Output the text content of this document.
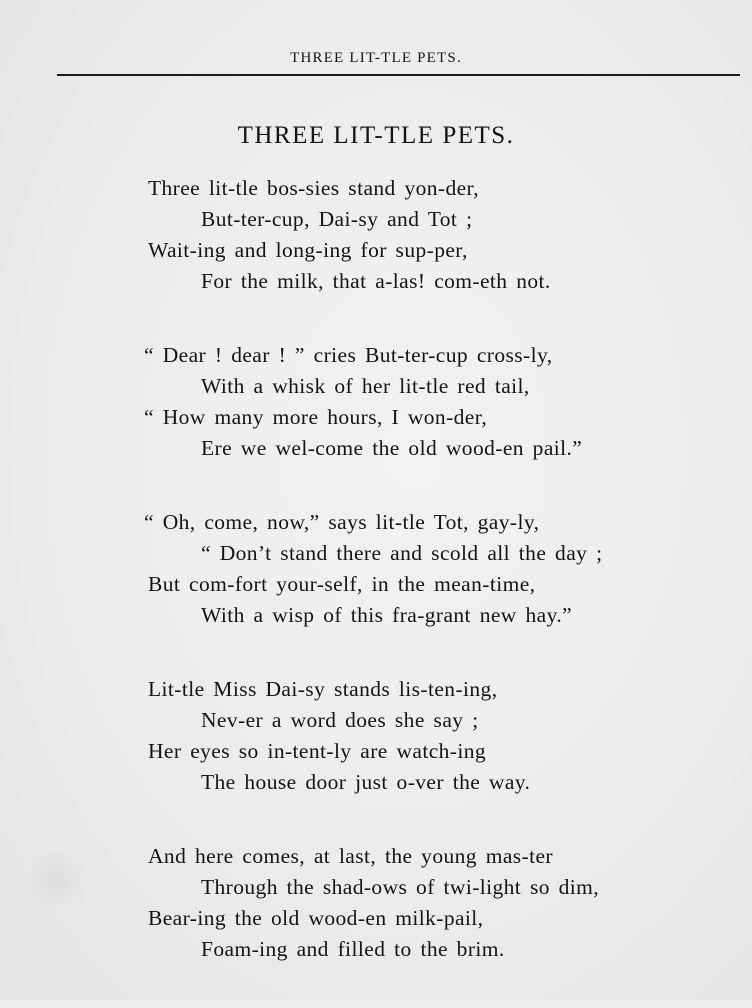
THREE LIT-TLE PETS.
THREE LIT-TLE PETS.
Three lit-tle bos-sies stand yon-der,
But-ter-cup, Dai-sy and Tot ;
Wait-ing and long-ing for sup-per,
For the milk, that a-las! com-eth not.
“ Dear ! dear ! ” cries But-ter-cup cross-ly,
With a whisk of her lit-tle red tail,
“ How many more hours, I won-der,
Ere we wel-come the old wood-en pail.”
“ Oh, come, now,” says lit-tle Tot, gay-ly,
“ Don’t stand there and scold all the day ;
But com-fort your-self, in the mean-time,
With a wisp of this fra-grant new hay.”
Lit-tle Miss Dai-sy stands lis-ten-ing,
Nev-er a word does she say ;
Her eyes so in-tent-ly are watch-ing
The house door just o-ver the way.
And here comes, at last, the young mas-ter
Through the shad-ows of twi-light so dim,
Bear-ing the old wood-en milk-pail,
Foam-ing and filled to the brim.
